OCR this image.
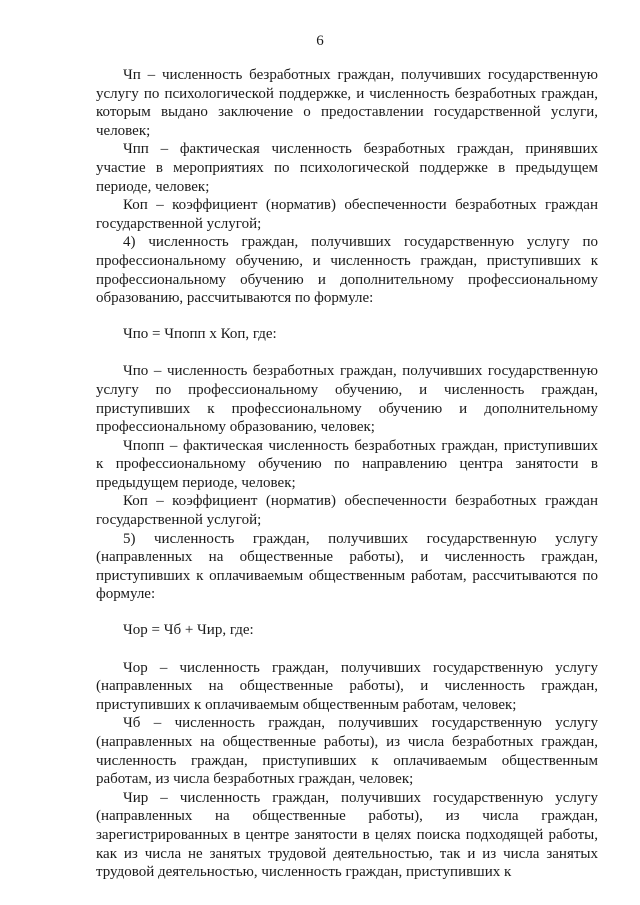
6

Чп – численность безработных граждан, получивших государственную услугу по психологической поддержке, и численность безработных граждан, которым выдано заключение о предоставлении государственной услуги, человек;

Чпп – фактическая численность безработных граждан, принявших участие в мероприятиях по психологической поддержке в предыдущем периоде, человек;

Коп – коэффициент (норматив) обеспеченности безработных граждан государственной услугой;

4) численность граждан, получивших государственную услугу по профессиональному обучению, и численность граждан, приступивших к профессиональному обучению и дополнительному профессиональному образованию, рассчитываются по формуле:

Чпо = Чпопп х Коп, где:

Чпо – численность безработных граждан, получивших государственную услугу по профессиональному обучению, и численность граждан, приступивших к профессиональному обучению и дополнительному профессиональному образованию, человек;

Чпопп – фактическая численность безработных граждан, приступивших к профессиональному обучению по направлению центра занятости в предыдущем периоде, человек;

Коп – коэффициент (норматив) обеспеченности безработных граждан государственной услугой;

5) численность граждан, получивших государственную услугу (направленных на общественные работы), и численность граждан, приступивших к оплачиваемым общественным работам, рассчитываются по формуле:

Чор = Чб + Чир, где:

Чор – численность граждан, получивших государственную услугу (направленных на общественные работы), и численность граждан, приступивших к оплачиваемым общественным работам, человек;

Чб – численность граждан, получивших государственную услугу (направленных на общественные работы), из числа безработных граждан, численность граждан, приступивших к оплачиваемым общественным работам, из числа безработных граждан, человек;

Чир – численность граждан, получивших государственную услугу (направленных на общественные работы), из числа граждан, зарегистрированных в центре занятости в целях поиска подходящей работы, как из числа не занятых трудовой деятельностью, так и из числа занятых трудовой деятельностью, численность граждан, приступивших к
